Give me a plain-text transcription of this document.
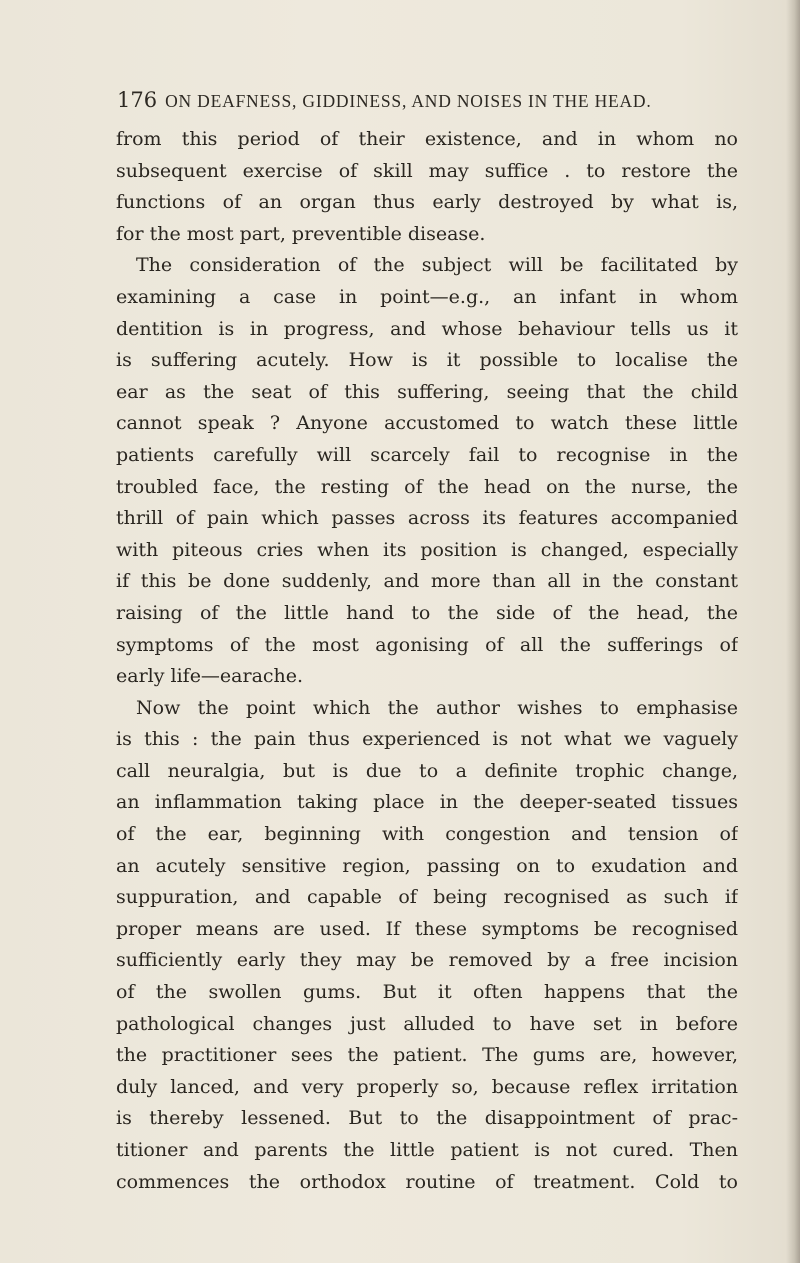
176 ON DEAFNESS, GIDDINESS, AND NOISES IN THE HEAD.
from this period of their existence, and in whom no
subsequent exercise of skill may suffice . to restore the
functions of an organ thus early destroyed by what is,
for the most part, preventible disease.
The consideration of the subject will be facilitated by
examining a case in point—e.g., an infant in whom
dentition is in progress, and whose behaviour tells us it
is suffering acutely. How is it possible to localise the
ear as the seat of this suffering, seeing that the child
cannot speak ? Anyone accustomed to watch these little
patients carefully will scarcely fail to recognise in the
troubled face, the resting of the head on the nurse, the
thrill of pain which passes across its features accompanied
with piteous cries when its position is changed, especially
if this be done suddenly, and more than all in the constant
raising of the little hand to the side of the head, the
symptoms of the most agonising of all the sufferings of
early life—earache.
Now the point which the author wishes to emphasise
is this : the pain thus experienced is not what we vaguely
call neuralgia, but is due to a definite trophic change,
an inflammation taking place in the deeper-seated tissues
of the ear, beginning with congestion and tension of
an acutely sensitive region, passing on to exudation and
suppuration, and capable of being recognised as such if
proper means are used. If these symptoms be recognised
sufficiently early they may be removed by a free incision
of the swollen gums. But it often happens that the
pathological changes just alluded to have set in before
the practitioner sees the patient. The gums are, however,
duly lanced, and very properly so, because reflex irritation
is thereby lessened. But to the disappointment of prac-
titioner and parents the little patient is not cured. Then
commences the orthodox routine of treatment. Cold to
